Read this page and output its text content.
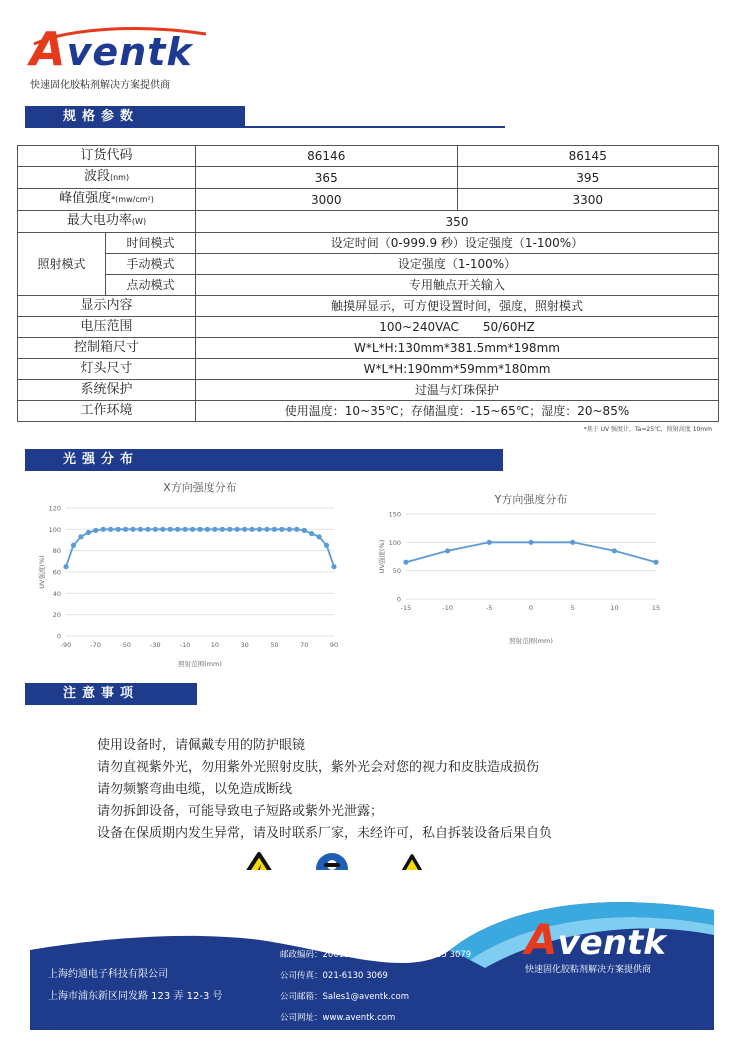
Aventk
快速固化胶粘剂解决方案提供商
规格参数
订货代码		86146	86145
波段(nm)		365	395
峰值强度*(mw/cm²)		3000	3300
最大电功率(W)		350	
照射模式	时间模式	设定时间（0-999.9 秒）设定强度（1-100%）	
	手动模式	设定强度（1-100%）	
	点动模式	专用触点开关输入	
显示内容		触摸屏显示，可方便设置时间，强度，照射模式	
电压范围		100~240VAC　　50/60HZ	
控制箱尺寸		W*L*H:130mm*381.5mm*198mm	
灯头尺寸		W*L*H:190mm*59mm*180mm	
系统保护		过温与灯珠保护	
工作环境		使用温度：10~35℃；存储温度：-15~65℃；湿度：20~85%	
*基于 UV 强度计，Ta=25℃，照射高度 10mm
光强分布
X方向强度分布
0
20
40
60
80
100
120
-90	-70	-50	-30	-10	10	30	50	70	90
照射范围(mm)
UV强度(%)
Y方向强度分布
0
50
100
150
-15	-10	-5	0	5	10	15
照射范围(mm)
UV强度(%)
注意事项
使用设备时，请佩戴专用的防护眼镜
请勿直视紫外光，勿用紫外光照射皮肤，紫外光会对您的视力和皮肤造成损伤
请勿频繁弯曲电缆，以免造成断线
请勿拆卸设备，可能导致电子短路或紫外光泄露；
设备在保质期内发生异常，请及时联系厂家，未经许可，私自拆装设备后果自负
上海约通电子科技有限公司
上海市浦东新区同发路 123 弄 12-3 号
邮政编码：200120　联系电话：021-5465 3079
公司传真：021-6130 3069
公司邮箱：Sales1@aventk.com
公司网址：www.aventk.com
Aventk
快速固化胶粘剂解决方案提供商
